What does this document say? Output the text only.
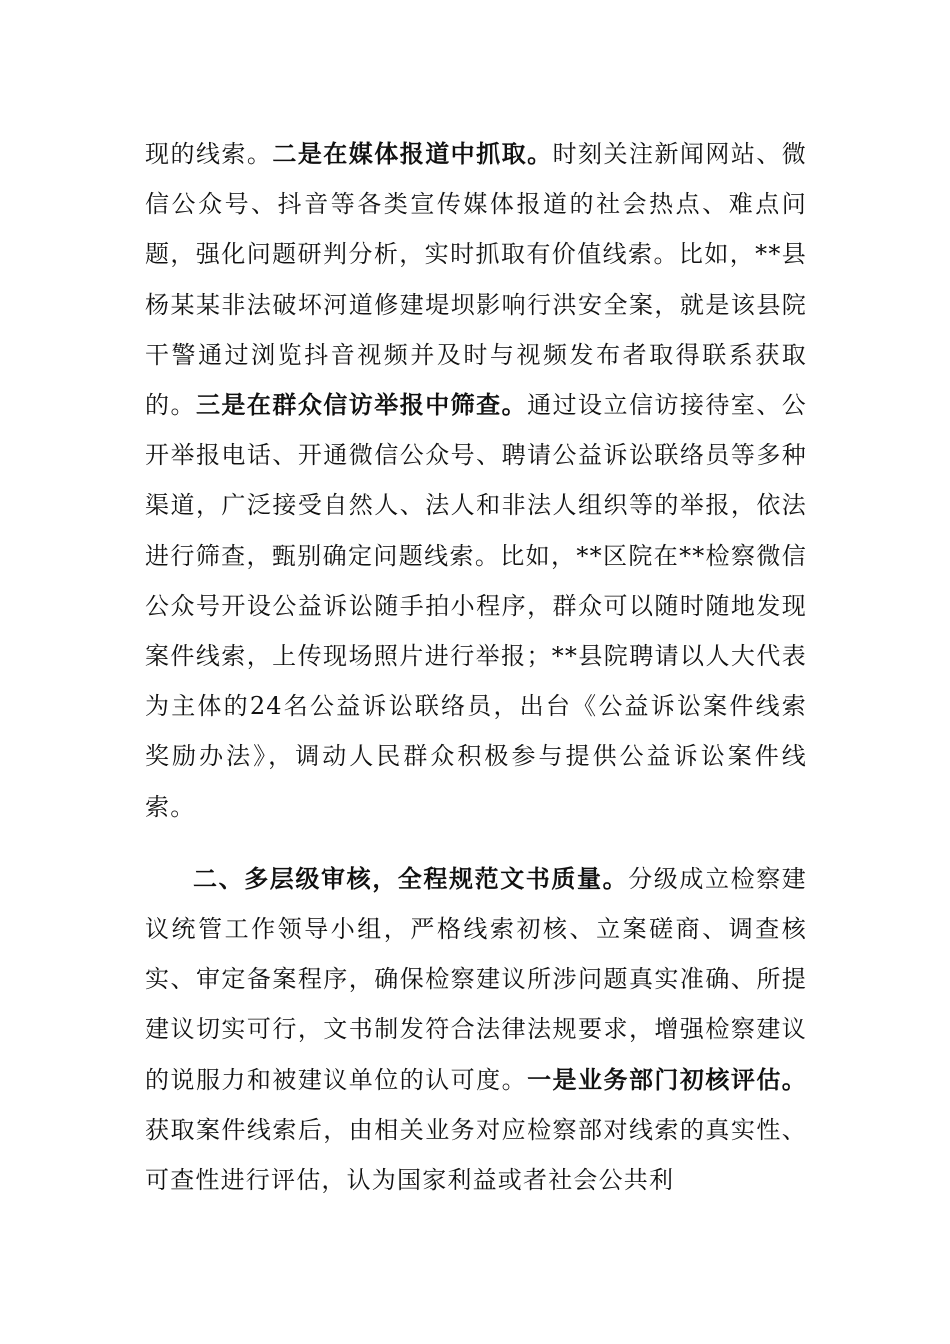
现的线索。二是在媒体报道中抓取。时刻关注新闻网站、微信公众号、抖音等各类宣传媒体报道的社会热点、难点问题，强化问题研判分析，实时抓取有价值线索。比如，**县杨某某非法破坏河道修建堤坝影响行洪安全案，就是该县院干警通过浏览抖音视频并及时与视频发布者取得联系获取的。三是在群众信访举报中筛查。通过设立信访接待室、公开举报电话、开通微信公众号、聘请公益诉讼联络员等多种渠道，广泛接受自然人、法人和非法人组织等的举报，依法进行筛查，甄别确定问题线索。比如，**区院在**检察微信公众号开设公益诉讼随手拍小程序，群众可以随时随地发现案件线索，上传现场照片进行举报；**县院聘请以人大代表为主体的24名公益诉讼联络员，出台《公益诉讼案件线索奖励办法》，调动人民群众积极参与提供公益诉讼案件线索。

二、多层级审核，全程规范文书质量。分级成立检察建议统管工作领导小组，严格线索初核、立案磋商、调查核实、审定备案程序，确保检察建议所涉问题真实准确、所提建议切实可行，文书制发符合法律法规要求，增强检察建议的说服力和被建议单位的认可度。一是业务部门初核评估。获取案件线索后，由相关业务对应检察部对线索的真实性、可查性进行评估，认为国家利益或者社会公共利
